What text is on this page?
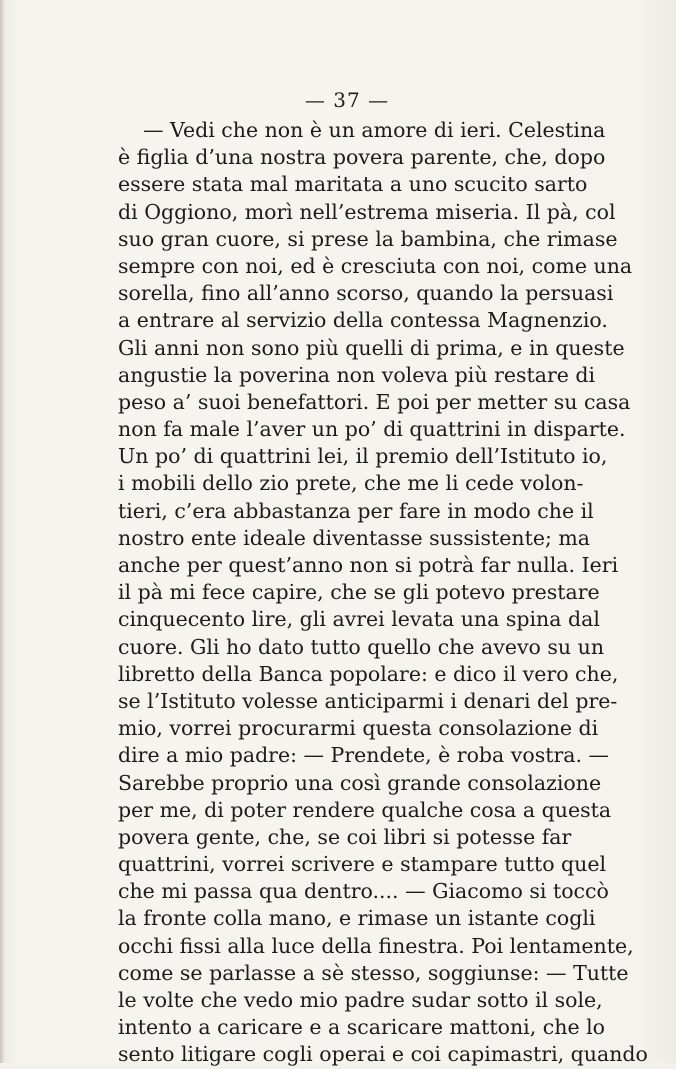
— 37 —
— Vedi che non è un amore di ieri. Celestina
è figlia d’una nostra povera parente, che, dopo
essere stata mal maritata a uno scucito sarto
di Oggiono, morì nell’estrema miseria. Il pà, col
suo gran cuore, si prese la bambina, che rimase
sempre con noi, ed è cresciuta con noi, come una
sorella, fino all’anno scorso, quando la persuasi
a entrare al servizio della contessa Magnenzio.
Gli anni non sono più quelli di prima, e in queste
angustie la poverina non voleva più restare di
peso a’ suoi benefattori. E poi per metter su casa
non fa male l’aver un po’ di quattrini in disparte.
Un po’ di quattrini lei, il premio dell’Istituto io,
i mobili dello zio prete, che me li cede volon-
tieri, c’era abbastanza per fare in modo che il
nostro ente ideale diventasse sussistente; ma
anche per quest’anno non si potrà far nulla. Ieri
il pà mi fece capire, che se gli potevo prestare
cinquecento lire, gli avrei levata una spina dal
cuore. Gli ho dato tutto quello che avevo su un
libretto della Banca popolare: e dico il vero che,
se l’Istituto volesse anticiparmi i denari del pre-
mio, vorrei procurarmi questa consolazione di
dire a mio padre: — Prendete, è roba vostra. —
Sarebbe proprio una così grande consolazione
per me, di poter rendere qualche cosa a questa
povera gente, che, se coi libri si potesse far
quattrini, vorrei scrivere e stampare tutto quel
che mi passa qua dentro.... — Giacomo si toccò
la fronte colla mano, e rimase un istante cogli
occhi fissi alla luce della finestra. Poi lentamente,
come se parlasse a sè stesso, soggiunse: — Tutte
le volte che vedo mio padre sudar sotto il sole,
intento a caricare e a scaricare mattoni, che lo
sento litigare cogli operai e coi capimastri, quando
